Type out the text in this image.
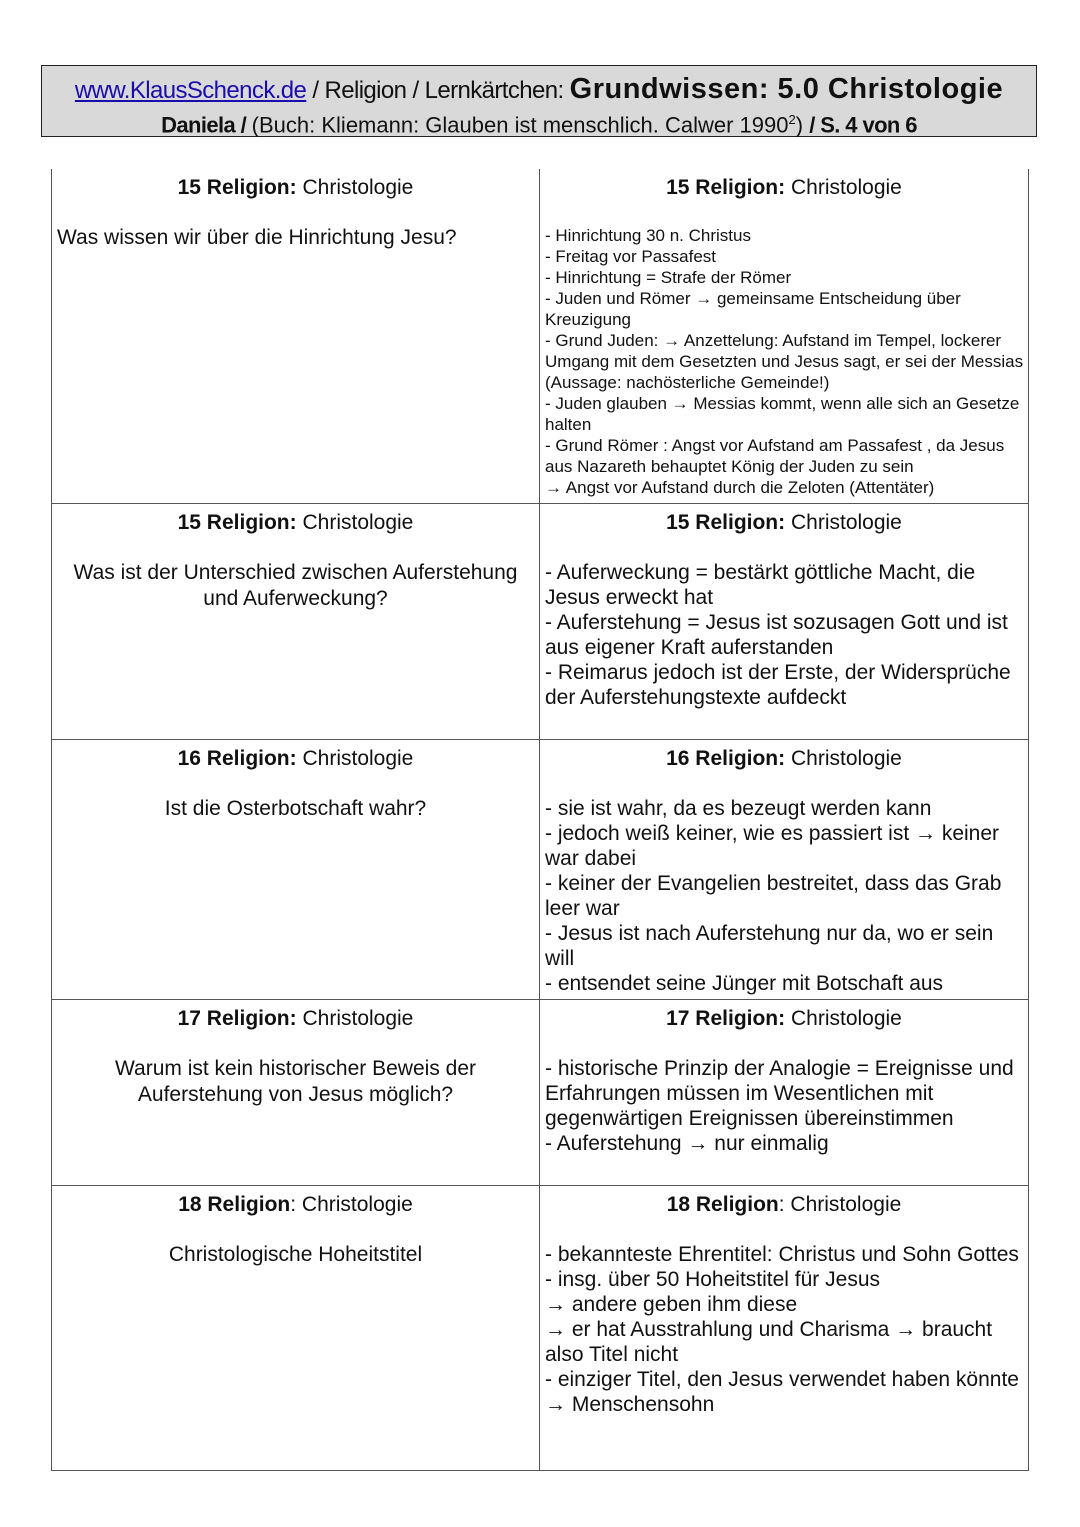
www.KlausSchenck.de / Religion / Lernkärtchen: Grundwissen: 5.0 Christologie
Daniela / (Buch: Kliemann: Glauben ist menschlich. Calwer 1990$^2$) / S. 4 von 6
15 Religion: Christologie
Was wissen wir über die Hinrichtung Jesu?
15 Religion: Christologie
- Hinrichtung 30 n. Christus
- Freitag vor Passafest
- Hinrichtung = Strafe der Römer
- Juden und Römer → gemeinsame Entscheidung über Kreuzigung
- Grund Juden: → Anzettelung: Aufstand im Tempel, lockerer Umgang mit dem Gesetzten und Jesus sagt, er sei der Messias (Aussage: nachösterliche Gemeinde!)
- Juden glauben → Messias kommt, wenn alle sich an Gesetze halten
- Grund Römer : Angst vor Aufstand am Passafest , da Jesus aus Nazareth behauptet König der Juden zu sein
→ Angst vor Aufstand durch die Zeloten (Attentäter)
15 Religion: Christologie
Was ist der Unterschied zwischen Auferstehung und Auferweckung?
15 Religion: Christologie
- Auferweckung = bestärkt göttliche Macht, die Jesus erweckt hat
- Auferstehung = Jesus ist sozusagen Gott und ist aus eigener Kraft auferstanden
- Reimarus jedoch ist der Erste, der Widersprüche der Auferstehungstexte aufdeckt
16 Religion: Christologie
Ist die Osterbotschaft wahr?
16 Religion: Christologie
- sie ist wahr, da es bezeugt werden kann
- jedoch weiß keiner, wie es passiert ist → keiner war dabei
- keiner der Evangelien bestreitet, dass das Grab leer war
- Jesus ist nach Auferstehung nur da, wo er sein will
- entsendet seine Jünger mit Botschaft aus
17 Religion: Christologie
Warum ist kein historischer Beweis der Auferstehung von Jesus möglich?
17 Religion: Christologie
- historische Prinzip der Analogie = Ereignisse und Erfahrungen müssen im Wesentlichen mit gegenwärtigen Ereignissen übereinstimmen
- Auferstehung → nur einmalig
18 Religion: Christologie
Christologische Hoheitstitel
18 Religion: Christologie
- bekannteste Ehrentitel: Christus und Sohn Gottes
- insg. über 50 Hoheitstitel für Jesus
→ andere geben ihm diese
→ er hat Ausstrahlung und Charisma → braucht also Titel nicht
- einziger Titel, den Jesus verwendet haben könnte → Menschensohn
